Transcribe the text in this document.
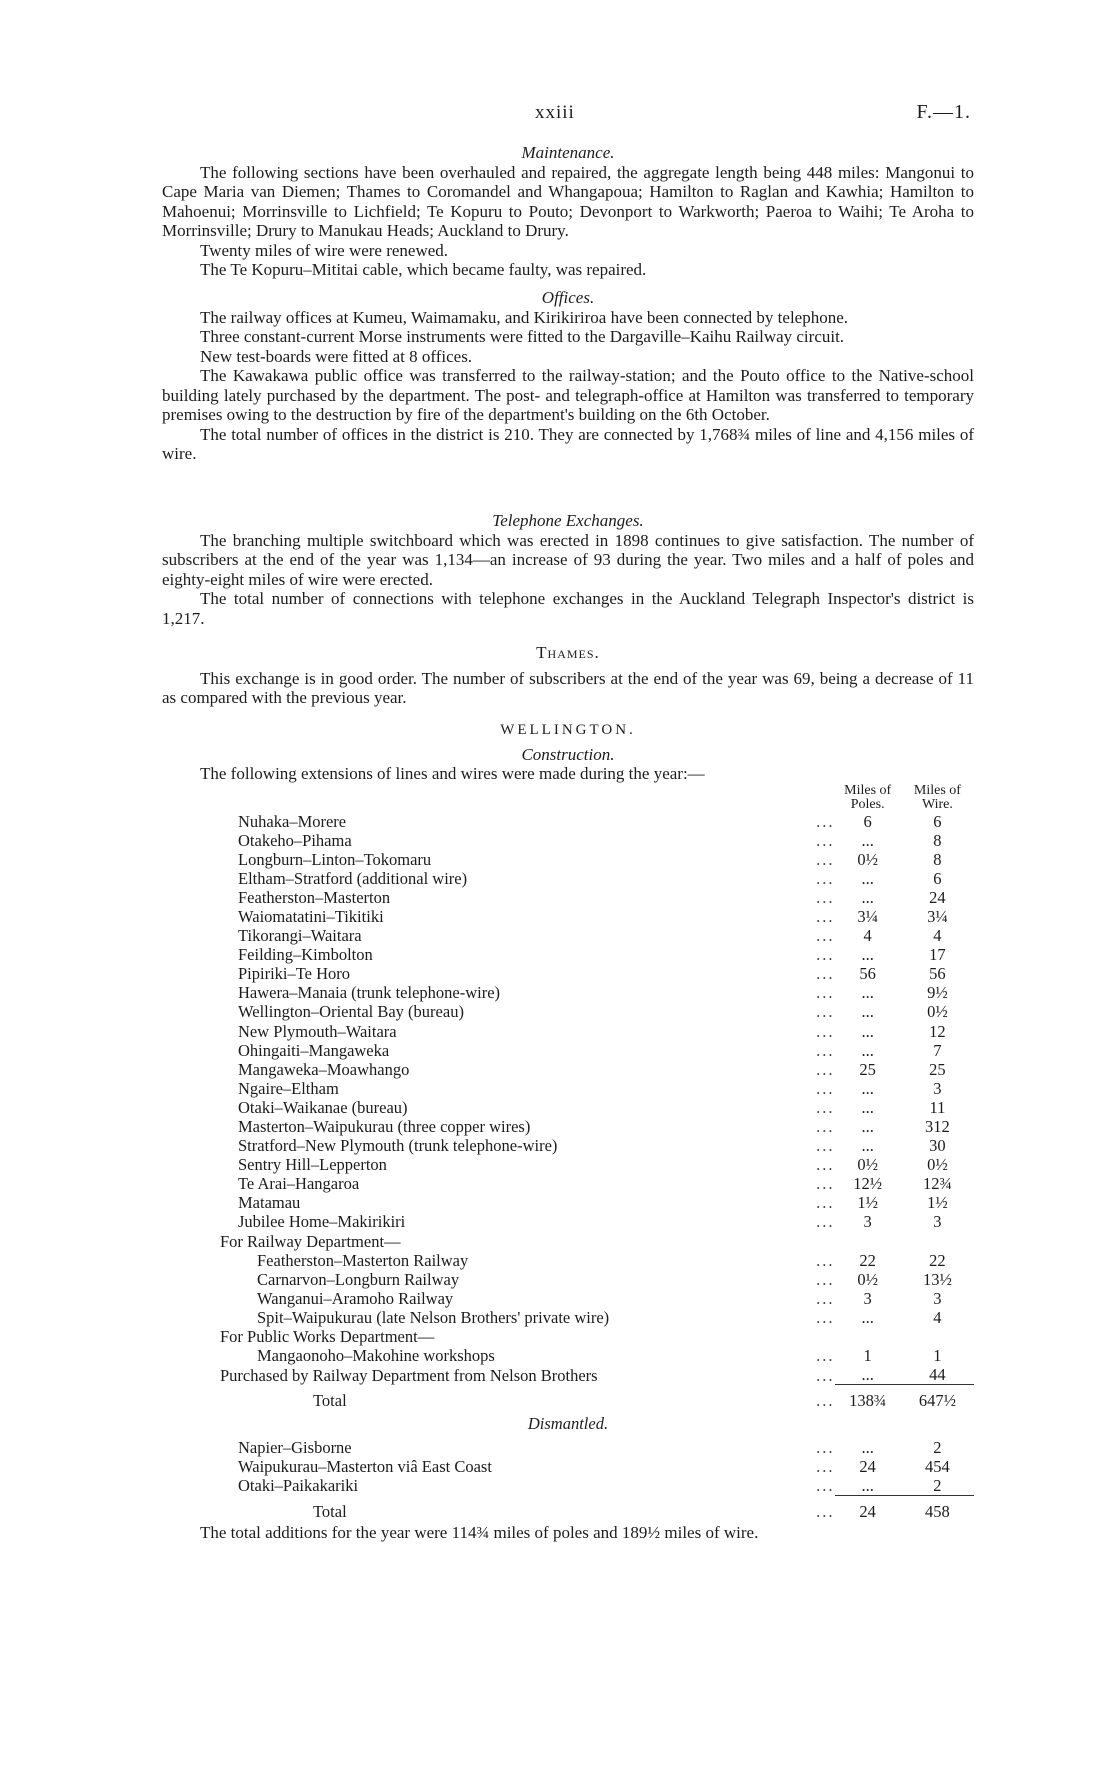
xxiii	F.—1.
Maintenance.

The following sections have been overhauled and repaired, the aggregate length being 448 miles: Mangonui to Cape Maria van Diemen; Thames to Coromandel and Whangapoua; Hamilton to Raglan and Kawhia; Hamilton to Mahoenui; Morrinsville to Lichfield; Te Kopuru to Pouto; Devonport to Warkworth; Paeroa to Waihi; Te Aroha to Morrinsville; Drury to Manukau Heads; Auckland to Drury.

Twenty miles of wire were renewed.

The Te Kopuru–Mititai cable, which became faulty, was repaired.

Offices.

The railway offices at Kumeu, Waimamaku, and Kirikiriroa have been connected by telephone.

Three constant-current Morse instruments were fitted to the Dargaville–Kaihu Railway circuit.

New test-boards were fitted at 8 offices.

The Kawakawa public office was transferred to the railway-station; and the Pouto office to the Native-school building lately purchased by the department. The post- and telegraph-office at Hamilton was transferred to temporary premises owing to the destruction by fire of the department's building on the 6th October.

The total number of offices in the district is 210. They are connected by 1,768¾ miles of line and 4,156 miles of wire.

Telephone Exchanges.

The branching multiple switchboard which was erected in 1898 continues to give satisfaction. The number of subscribers at the end of the year was 1,134—an increase of 93 during the year. Two miles and a half of poles and eighty-eight miles of wire were erected.

The total number of connections with telephone exchanges in the Auckland Telegraph Inspector's district is 1,217.

Thames.

This exchange is in good order. The number of subscribers at the end of the year was 69, being a decrease of 11 as compared with the previous year.

WELLINGTON.
Construction.

The following extensions of lines and wires were made during the year:—

		Miles of Poles.	Miles of Wire.
Nuhaka–Morere	...	6	6
Otakeho–Pihama	...	...	8
Longburn–Linton–Tokomaru	...	0½	8
Eltham–Stratford (additional wire)	...	...	6
Featherston–Masterton	...	...	24
Waiomatatini–Tikitiki	...	3¼	3¼
Tikorangi–Waitara	...	4	4
Feilding–Kimbolton	...	...	17
Pipiriki–Te Horo	...	56	56
Hawera–Manaia (trunk telephone-wire)	...	...	9½
Wellington–Oriental Bay (bureau)	...	...	0½
New Plymouth–Waitara	...	...	12
Ohingaiti–Mangaweka	...	...	7
Mangaweka–Moawhango	...	25	25
Ngaire–Eltham	...	...	3
Otaki–Waikanae (bureau)	...	...	11
Masterton–Waipukurau (three copper wires)	...	...	312
Stratford–New Plymouth (trunk telephone-wire)	...	...	30
Sentry Hill–Lepperton	...	0½	0½
Te Arai–Hangaroa	...	12½	12¾
Matamau	...	1½	1½
Jubilee Home–Makirikiri	...	3	3
For Railway Department—			
Featherston–Masterton Railway	...	22	22
Carnarvon–Longburn Railway	...	0½	13½
Wanganui–Aramoho Railway	...	3	3
Spit–Waipukurau (late Nelson Brothers' private wire)	...	...	4
For Public Works Department—			
Mangaonoho–Makohine workshops	...	1	1
Purchased by Railway Department from Nelson Brothers	...	...	44
Total	...	138¾	647½
Dismantled.			
Napier–Gisborne	...	...	2
Waipukurau–Masterton viâ East Coast	...	24	454
Otaki–Paikakariki	...	...	2
Total	...	24	458

The total additions for the year were 114¾ miles of poles and 189½ miles of wire.
